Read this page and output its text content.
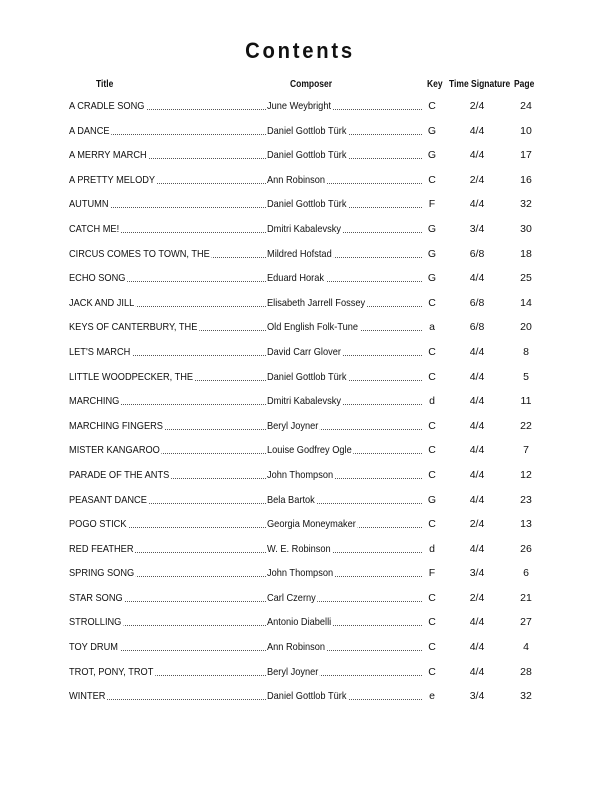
Contents
Title	Composer	Key Time Signature Page
A CRADLE SONG	June Weybright	C	2/4	24
A DANCE	Daniel Gottlob Türk	G	4/4	10
A MERRY MARCH	Daniel Gottlob Türk	G	4/4	17
A PRETTY MELODY	Ann Robinson	C	2/4	16
AUTUMN	Daniel Gottlob Türk	F	4/4	32
CATCH ME!	Dmitri Kabalevsky	G	3/4	30
CIRCUS COMES TO TOWN, THE	Mildred Hofstad	G	6/8	18
ECHO SONG	Eduard Horak	G	4/4	25
JACK AND JILL	Elisabeth Jarrell Fossey	C	6/8	14
KEYS OF CANTERBURY, THE	Old English Folk-Tune	a	6/8	20
LET'S MARCH	David Carr Glover	C	4/4	8
LITTLE WOODPECKER, THE	Daniel Gottlob Türk	C	4/4	5
MARCHING	Dmitri Kabalevsky	d	4/4	11
MARCHING FINGERS	Beryl Joyner	C	4/4	22
MISTER KANGAROO	Louise Godfrey Ogle	C	4/4	7
PARADE OF THE ANTS	John Thompson	C	4/4	12
PEASANT DANCE	Bela Bartok	G	4/4	23
POGO STICK	Georgia Moneymaker	C	2/4	13
RED FEATHER	W. E. Robinson	d	4/4	26
SPRING SONG	John Thompson	F	3/4	6
STAR SONG	Carl Czerny	C	2/4	21
STROLLING	Antonio Diabelli	C	4/4	27
TOY DRUM	Ann Robinson	C	4/4	4
TROT, PONY, TROT	Beryl Joyner	C	4/4	28
WINTER	Daniel Gottlob Türk	e	3/4	32
